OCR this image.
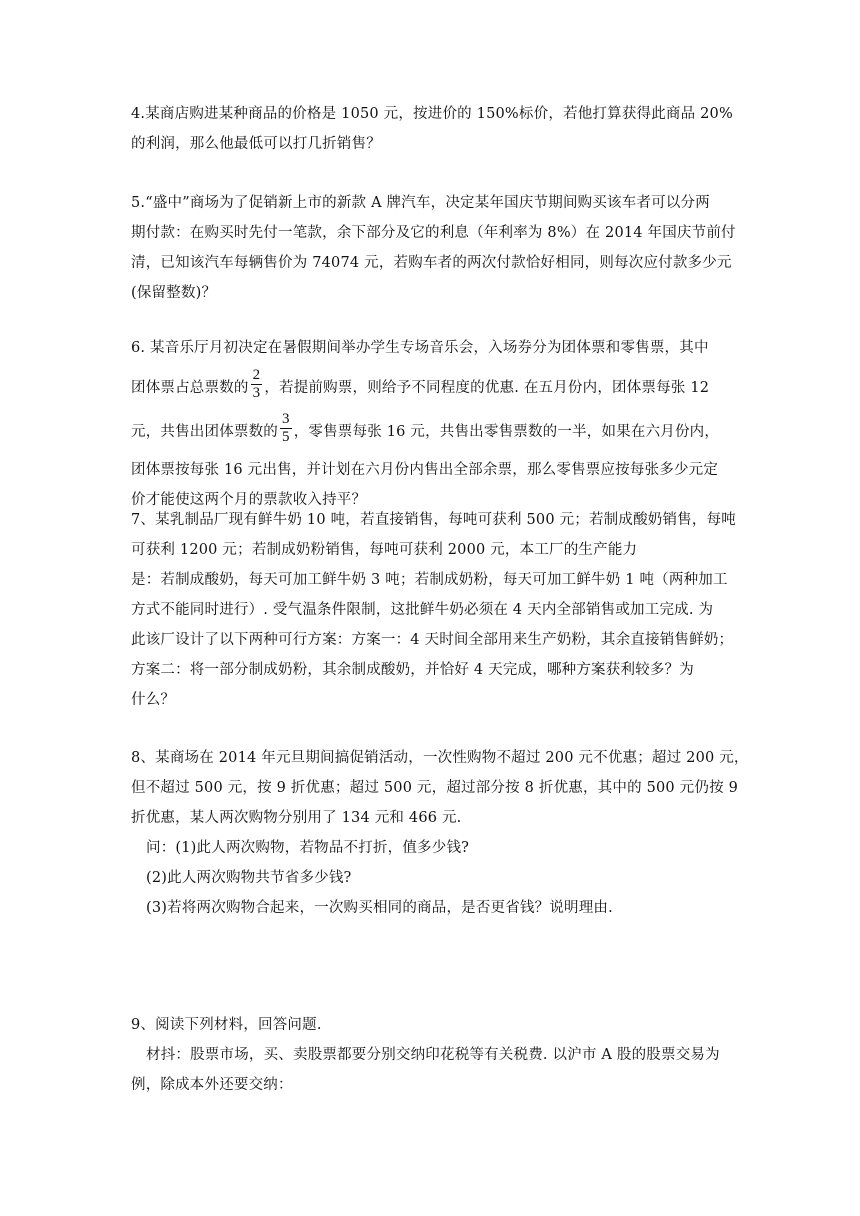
4.某商店购进某种商品的价格是 1050 元，按进价的 150%标价，若他打算获得此商品 20%

的利润，那么他最低可以打几折销售？

5.“盛中”商场为了促销新上市的新款 A 牌汽车，决定某年国庆节期间购买该车者可以分两

期付款：在购买时先付一笔款，余下部分及它的利息（年利率为 8%）在 2014 年国庆节前付

清，已知该汽车每辆售价为 74074 元，若购车者的两次付款恰好相同，则每次应付款多少元

(保留整数)？

6. 某音乐厅月初决定在暑假期间举办学生专场音乐会，入场券分为团体票和零售票，其中

团体票占总票数的 $\frac{2}{3}$ ，若提前购票，则给予不同程度的优惠. 在五月份内，团体票每张 12

元，共售出团体票数的 $\frac{3}{5}$ ，零售票每张 16 元，共售出零售票数的一半，如果在六月份内，

团体票按每张 16 元出售，并计划在六月份内售出全部余票，那么零售票应按每张多少元定

价才能使这两个月的票款收入持平？

7、某乳制品厂现有鲜牛奶 10 吨，若直接销售，每吨可获利 500 元；若制成酸奶销售，每吨

可获利 1200 元；若制成奶粉销售，每吨可获利 2000 元，本工厂的生产能力

是：若制成酸奶，每天可加工鲜牛奶 3 吨；若制成奶粉，每天可加工鲜牛奶 1 吨（两种加工

方式不能同时进行）. 受气温条件限制，这批鲜牛奶必须在 4 天内全部销售或加工完成. 为

此该厂设计了以下两种可行方案：方案一：4 天时间全部用来生产奶粉，其余直接销售鲜奶；

方案二：将一部分制成奶粉，其余制成酸奶，并恰好 4 天完成，哪种方案获利较多？为

什么？

8、某商场在 2014 年元旦期间搞促销活动，一次性购物不超过 200 元不优惠；超过 200 元，

但不超过 500 元，按 9 折优惠；超过 500 元，超过部分按 8 折优惠，其中的 500 元仍按 9

折优惠，某人两次购物分别用了 134 元和 466 元.

问：(1)此人两次购物，若物品不打折，值多少钱?

(2)此人两次购物共节省多少钱?

(3)若将两次购物合起来，一次购买相同的商品，是否更省钱？说明理由.

9、阅读下列材料，回答问题.

材抖：股票市场，买、卖股票都要分别交纳印花税等有关税费. 以沪市 A 股的股票交易为

例，除成本外还要交纳：
